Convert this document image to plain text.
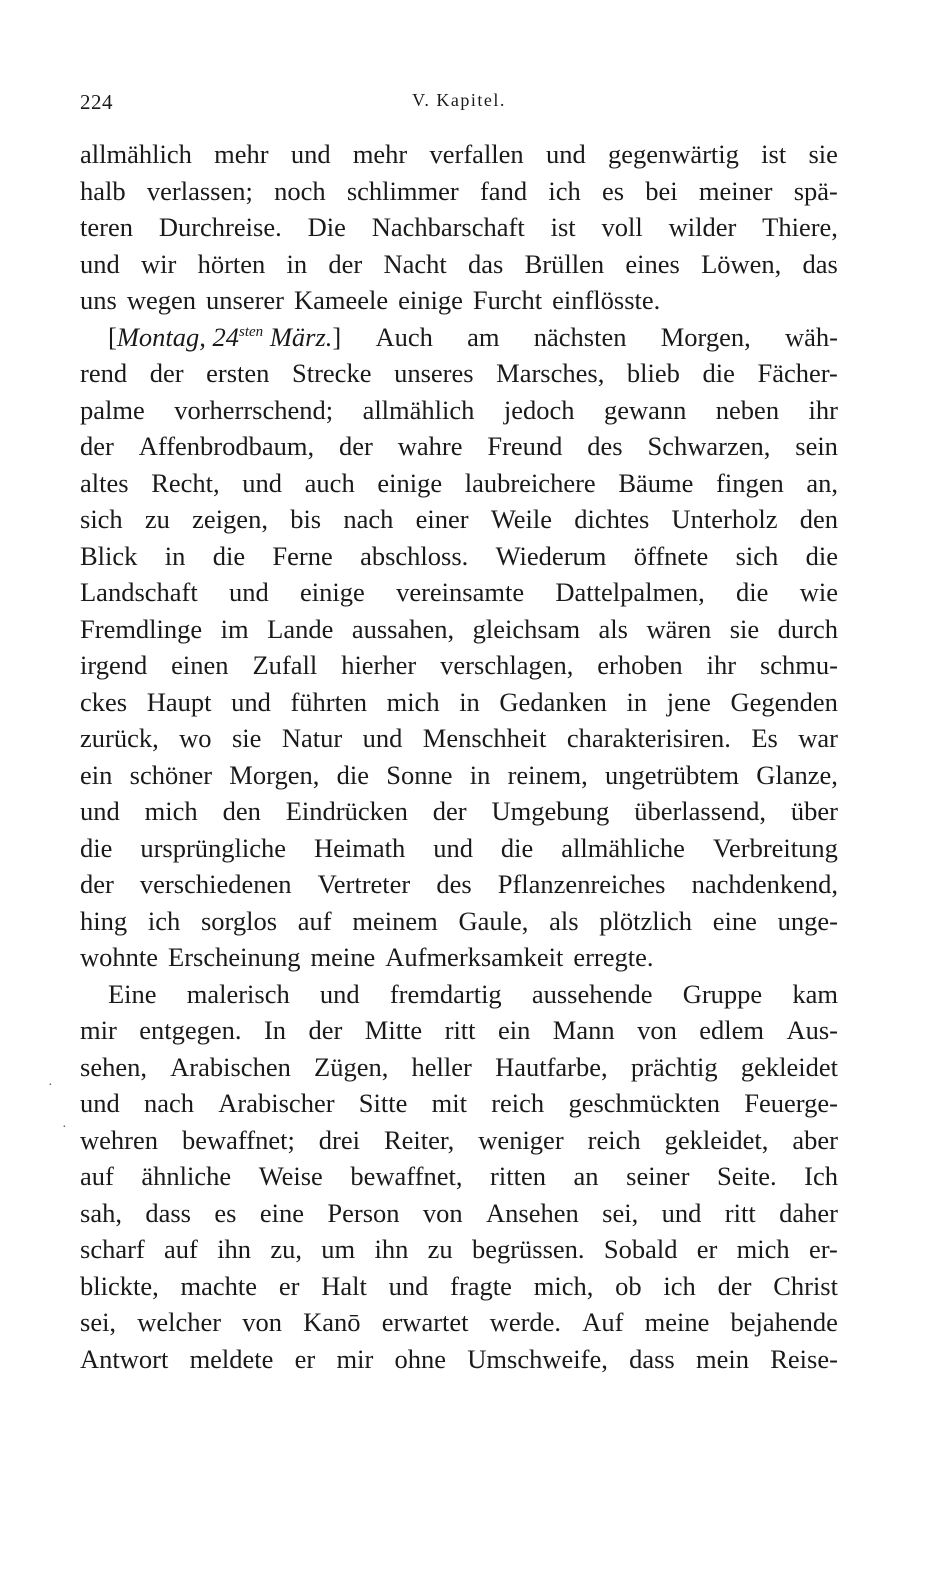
224	V. Kapitel.
allmählich mehr und mehr verfallen und gegenwärtig ist sie
halb verlassen; noch schlimmer fand ich es bei meiner spä-
teren Durchreise. Die Nachbarschaft ist voll wilder Thiere,
und wir hörten in der Nacht das Brüllen eines Löwen, das
uns wegen unserer Kameele einige Furcht einflösste.
[Montag, $24^{sten}$ März.] Auch am nächsten Morgen, wäh-
rend der ersten Strecke unseres Marsches, blieb die Fächer-
palme vorherrschend; allmählich jedoch gewann neben ihr
der Affenbrodbaum, der wahre Freund des Schwarzen, sein
altes Recht, und auch einige laubreichere Bäume fingen an,
sich zu zeigen, bis nach einer Weile dichtes Unterholz den
Blick in die Ferne abschloss. Wiederum öffnete sich die
Landschaft und einige vereinsamte Dattelpalmen, die wie
Fremdlinge im Lande aussahen, gleichsam als wären sie durch
irgend einen Zufall hierher verschlagen, erhoben ihr schmu-
ckes Haupt und führten mich in Gedanken in jene Gegenden
zurück, wo sie Natur und Menschheit charakterisiren. Es war
ein schöner Morgen, die Sonne in reinem, ungetrübtem Glanze,
und mich den Eindrücken der Umgebung überlassend, über
die ursprüngliche Heimath und die allmähliche Verbreitung
der verschiedenen Vertreter des Pflanzenreiches nachdenkend,
hing ich sorglos auf meinem Gaule, als plötzlich eine unge-
wohnte Erscheinung meine Aufmerksamkeit erregte.
Eine malerisch und fremdartig aussehende Gruppe kam
mir entgegen. In der Mitte ritt ein Mann von edlem Aus-
sehen, Arabischen Zügen, heller Hautfarbe, prächtig gekleidet
und nach Arabischer Sitte mit reich geschmückten Feuerge-
wehren bewaffnet; drei Reiter, weniger reich gekleidet, aber
auf ähnliche Weise bewaffnet, ritten an seiner Seite. Ich
sah, dass es eine Person von Ansehen sei, und ritt daher
scharf auf ihn zu, um ihn zu begrüssen. Sobald er mich er-
blickte, machte er Halt und fragte mich, ob ich der Christ
sei, welcher von Kanō erwartet werde. Auf meine bejahende
Antwort meldete er mir ohne Umschweife, dass mein Reise-
·
·
